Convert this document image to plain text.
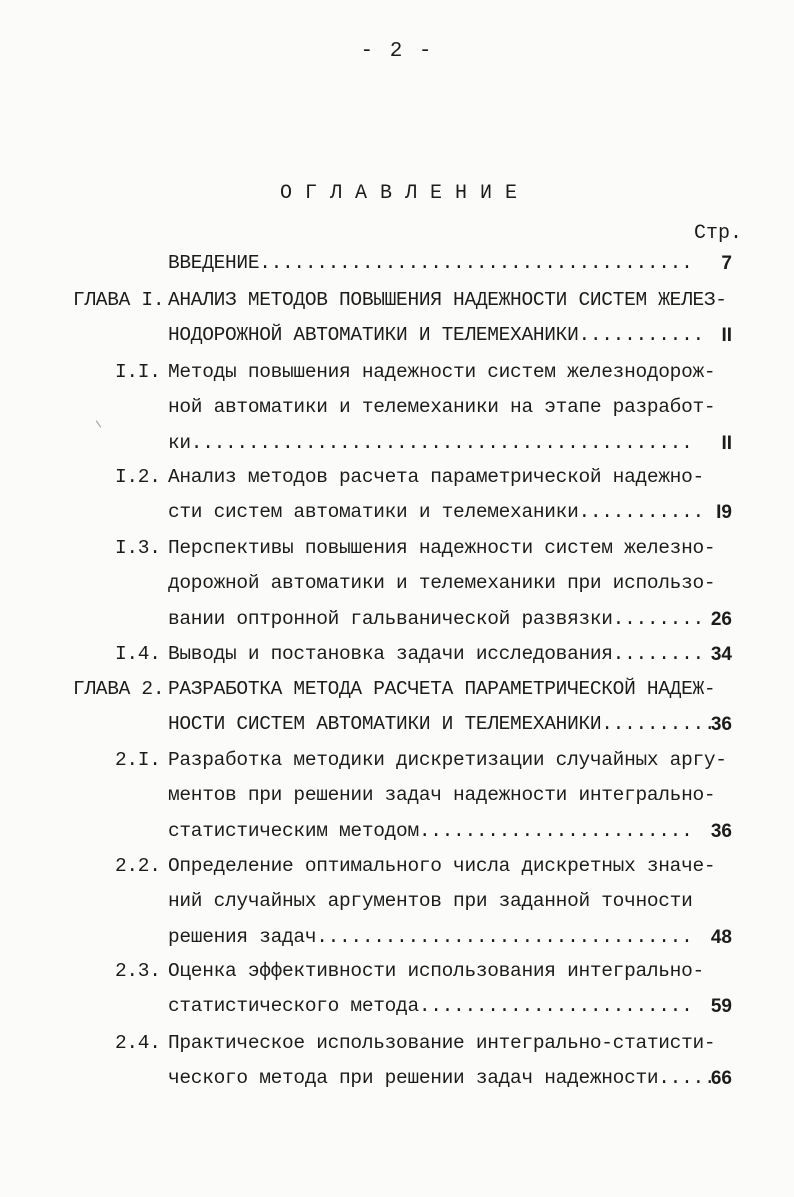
- 2 -
ОГЛАВЛЕНИЕ
Стр.
ВВЕДЕНИЕ...................................... 7
ГЛАВА I. АНАЛИЗ МЕТОДОВ ПОВЫШЕНИЯ НАДЕЖНОСТИ СИСТЕМ ЖЕЛЕЗ-
НОДОРОЖНОЙ АВТОМАТИКИ И ТЕЛЕМЕХАНИКИ........... II
I.I. Методы повышения надежности систем железнодорож-
ной автоматики и телемеханики на этапе разработ-
ки............................................ II
I.2. Анализ методов расчета параметрической надежно-
сти систем автоматики и телемеханики........... I9
I.3. Перспективы повышения надежности систем железно-
дорожной автоматики и телемеханики при использо-
вании оптронной гальванической развязки........ 26
I.4. Выводы и постановка задачи исследования........ 34
ГЛАВА 2. РАЗРАБОТКА МЕТОДА РАСЧЕТА ПАРАМЕТРИЧЕСКОЙ НАДЕЖ-
НОСТИ СИСТЕМ АВТОМАТИКИ И ТЕЛЕМЕХАНИКИ..........
36
2.I. Разработка методики дискретизации случайных аргу-
ментов при решении задач надежности интегрально-
статистическим методом........................ 36
2.2. Определение оптимального числа дискретных значе-
ний случайных аргументов при заданной точности
решения задач................................. 48
2.3. Оценка эффективности использования интегрально-
статистического метода........................ 59
2.4. Практическое использование интегрально-статисти-
ческого метода при решении задач надежности.....
66
